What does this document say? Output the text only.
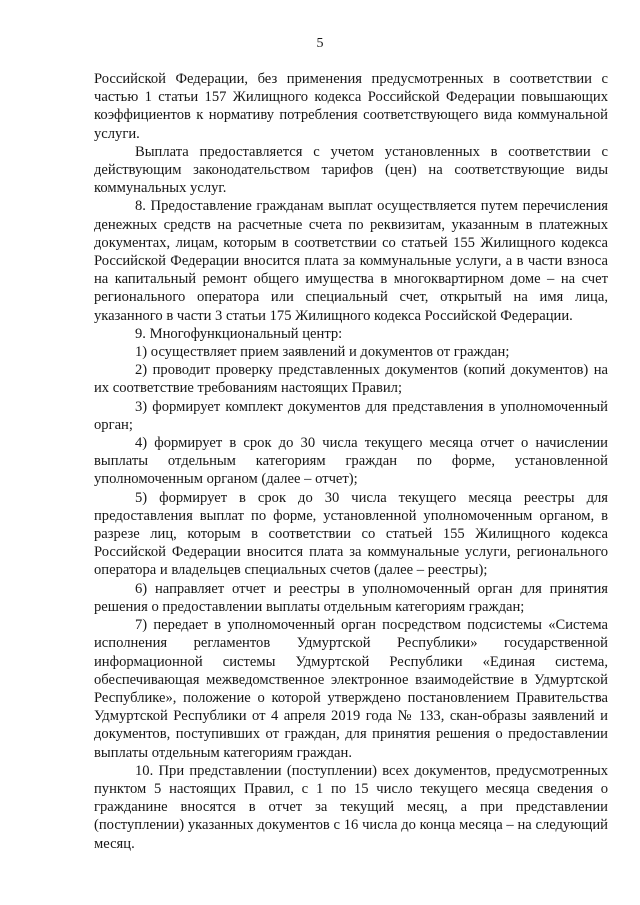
5

Российской Федерации, без применения предусмотренных в соответствии с частью 1 статьи 157 Жилищного кодекса Российской Федерации повышающих коэффициентов к нормативу потребления соответствующего вида коммунальной услуги.

Выплата предоставляется с учетом установленных в соответствии с действующим законодательством тарифов (цен) на соответствующие виды коммунальных услуг.

8. Предоставление гражданам выплат осуществляется путем перечисления денежных средств на расчетные счета по реквизитам, указанным в платежных документах, лицам, которым в соответствии со статьей 155 Жилищного кодекса Российской Федерации вносится плата за коммунальные услуги, а в части взноса на капитальный ремонт общего имущества в многоквартирном доме – на счет регионального оператора или специальный счет, открытый на имя лица, указанного в части 3 статьи 175 Жилищного кодекса Российской Федерации.

9. Многофункциональный центр:

1) осуществляет прием заявлений и документов от граждан;

2) проводит проверку представленных документов (копий документов) на их соответствие требованиям настоящих Правил;

3) формирует комплект документов для представления в уполномоченный орган;

4) формирует в срок до 30 числа текущего месяца отчет о начислении выплаты отдельным категориям граждан по форме, установленной уполномоченным органом (далее – отчет);

5) формирует в срок до 30 числа текущего месяца реестры для предоставления выплат по форме, установленной уполномоченным органом, в разрезе лиц, которым в соответствии со статьей 155 Жилищного кодекса Российской Федерации вносится плата за коммунальные услуги, регионального оператора и владельцев специальных счетов (далее – реестры);

6) направляет отчет и реестры в уполномоченный орган для принятия решения о предоставлении выплаты отдельным категориям граждан;

7) передает в уполномоченный орган посредством подсистемы «Система исполнения регламентов Удмуртской Республики» государственной информационной системы Удмуртской Республики «Единая система, обеспечивающая межведомственное электронное взаимодействие в Удмуртской Республике», положение о которой утверждено постановлением Правительства Удмуртской Республики от 4 апреля 2019 года № 133, скан-образы заявлений и документов, поступивших от граждан, для принятия решения о предоставлении выплаты отдельным категориям граждан.

10. При представлении (поступлении) всех документов, предусмотренных пунктом 5 настоящих Правил, с 1 по 15 число текущего месяца сведения о гражданине вносятся в отчет за текущий месяц, а при представлении (поступлении) указанных документов с 16 числа до конца месяца – на следующий месяц.
